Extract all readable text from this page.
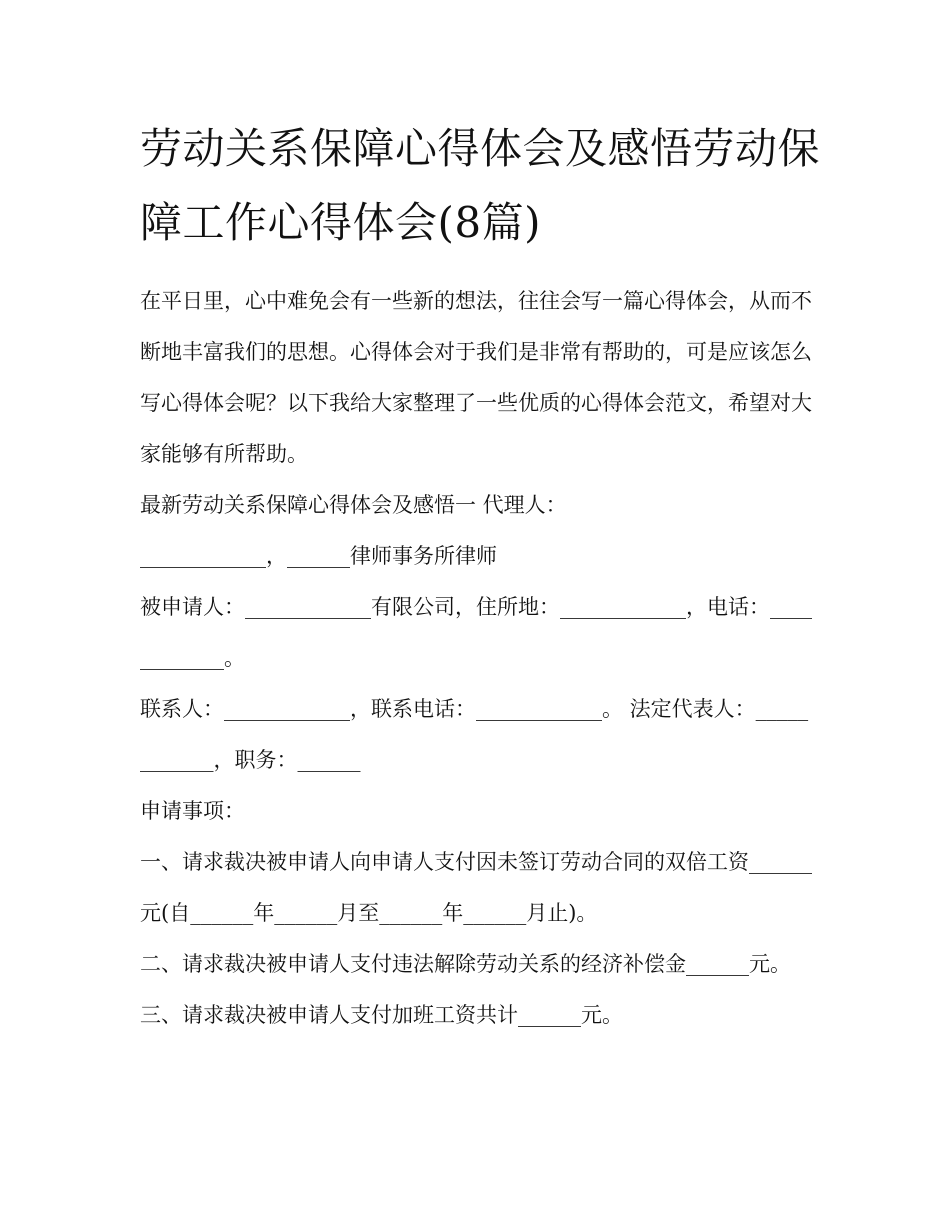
劳动关系保障心得体会及感悟劳动保障工作心得体会(8篇)

在平日里，心中难免会有一些新的想法，往往会写一篇心得体会，从而不断地丰富我们的思想。心得体会对于我们是非常有帮助的，可是应该怎么写心得体会呢？以下我给大家整理了一些优质的心得体会范文，希望对大家能够有所帮助。

最新劳动关系保障心得体会及感悟一 代理人：

____________，______律师事务所律师

被申请人：____________有限公司，住所地：____________，电话：____________。

联系人：____________，联系电话：____________。 法定代表人：____________，职务：______

申请事项：

一、请求裁决被申请人向申请人支付因未签订劳动合同的双倍工资______元(自______年______月至______年______月止)。

二、请求裁决被申请人支付违法解除劳动关系的经济补偿金______元。 三、请求裁决被申请人支付加班工资共计______元。
